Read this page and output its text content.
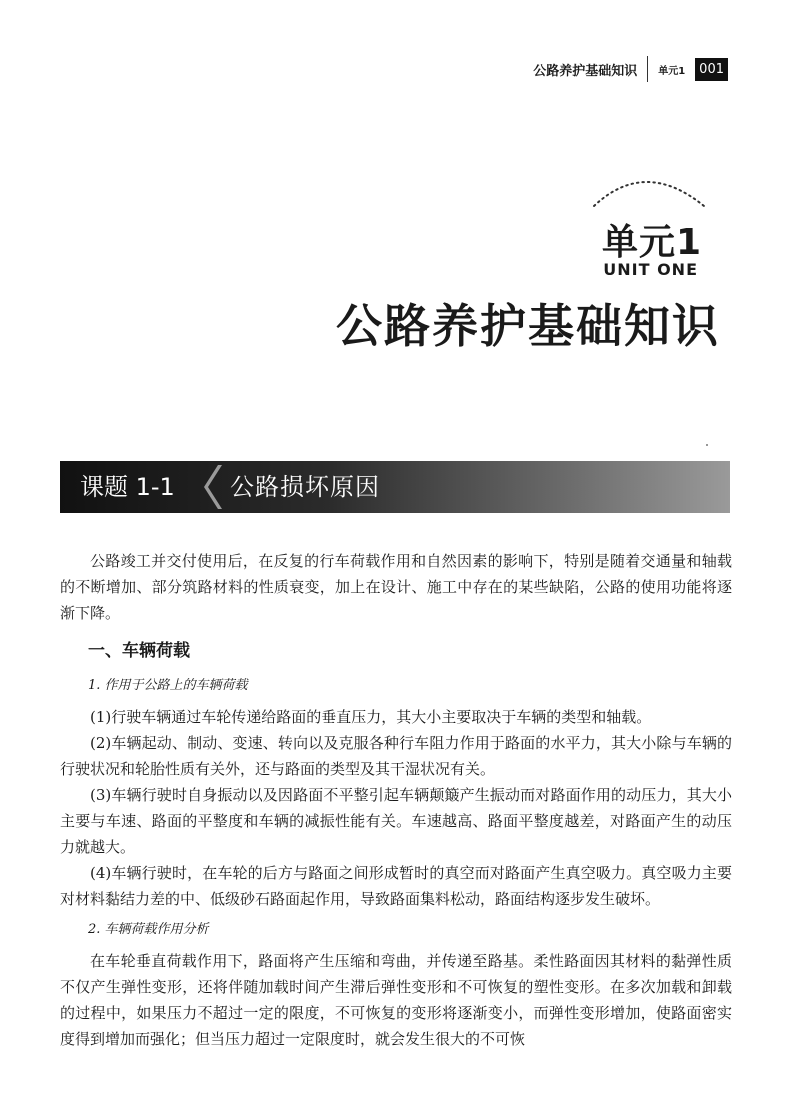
公路养护基础知识 单元1	001
单元1
UNIT ONE
公路养护基础知识
课题 1-1 公路损坏原因

公路竣工并交付使用后，在反复的行车荷载作用和自然因素的影响下，特别是随着交通量和轴载的不断增加、部分筑路材料的性质衰变，加上在设计、施工中存在的某些缺陷，公路的使用功能将逐渐下降。

一、车辆荷载
1. 作用于公路上的车辆荷载

(1)行驶车辆通过车轮传递给路面的垂直压力，其大小主要取决于车辆的类型和轴载。

(2)车辆起动、制动、变速、转向以及克服各种行车阻力作用于路面的水平力，其大小除与车辆的行驶状况和轮胎性质有关外，还与路面的类型及其干湿状况有关。

(3)车辆行驶时自身振动以及因路面不平整引起车辆颠簸产生振动而对路面作用的动压力，其大小主要与车速、路面的平整度和车辆的减振性能有关。车速越高、路面平整度越差，对路面产生的动压力就越大。

(4)车辆行驶时，在车轮的后方与路面之间形成暂时的真空而对路面产生真空吸力。真空吸力主要对材料黏结力差的中、低级砂石路面起作用，导致路面集料松动，路面结构逐步发生破坏。

2. 车辆荷载作用分析

在车轮垂直荷载作用下，路面将产生压缩和弯曲，并传递至路基。柔性路面因其材料的黏弹性质不仅产生弹性变形，还将伴随加载时间产生滞后弹性变形和不可恢复的塑性变形。在多次加载和卸载的过程中，如果压力不超过一定的限度，不可恢复的变形将逐渐变小，而弹性变形增加，使路面密实度得到增加而强化；但当压力超过一定限度时，就会发生很大的不可恢
